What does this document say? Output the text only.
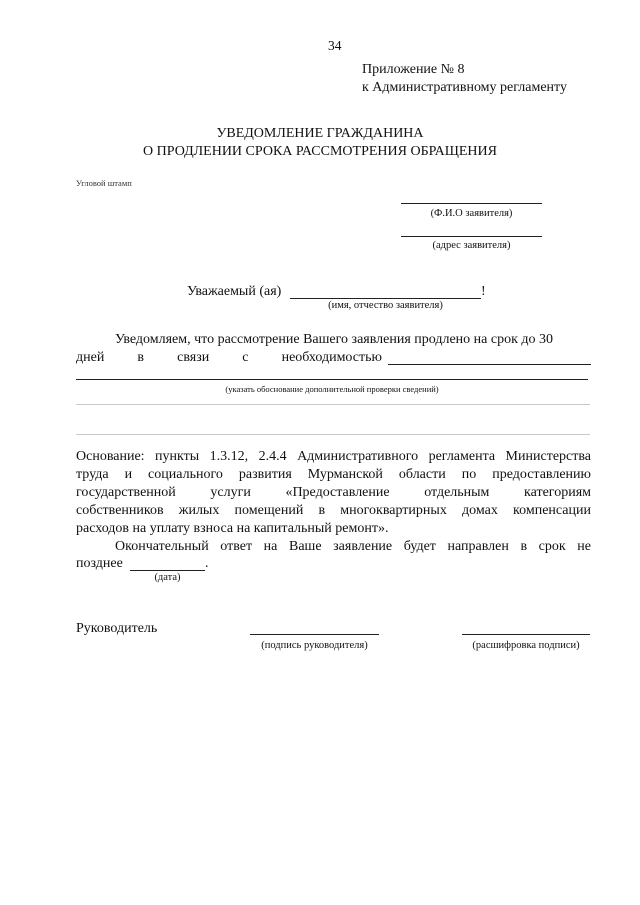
34
Приложение № 8
к Административному регламенту
УВЕДОМЛЕНИЕ ГРАЖДАНИНА
О ПРОДЛЕНИИ СРОКА РАССМОТРЕНИЯ ОБРАЩЕНИЯ
Угловой штамп
(Ф.И.О заявителя)
(адрес заявителя)
Уважаемый (ая)	!
(имя, отчество заявителя)
Уведомляем, что рассмотрение Вашего заявления продлено на срок до 30
дней в связи с необходимостью
(указать обоснование дополнительной проверки сведений)
Основание: пункты 1.3.12, 2.4.4 Административного регламента Министерства
труда и социального развития Мурманской области по предоставлению
государственной услуги «Предоставление отдельным категориям
собственников жилых помещений в многоквартирных домах компенсации
расходов на уплату взноса на капитальный ремонт».
Окончательный ответ на Ваше заявление будет направлен в срок не
позднее	.
(дата)
Руководитель
(подпись руководителя)	(расшифровка подписи)
